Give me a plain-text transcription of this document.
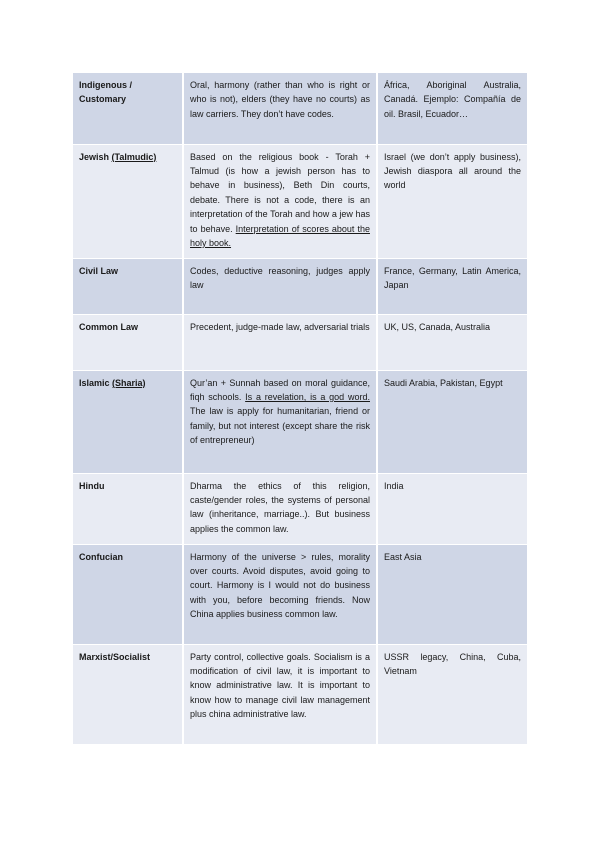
Indigenous / Customary	Oral, harmony (rather than who is right or who is not), elders (they have no courts) as law carriers. They don’t have codes.	África, Aboriginal Australia, Canadá. Ejemplo: Compañía de oil. Brasil, Ecuador…
Jewish (Talmudic)	Based on the religious book - Torah + Talmud (is how a jewish person has to behave in business), Beth Din courts, debate. There is not a code, there is an interpretation of the Torah and how a jew has to behave. Interpretation of scores about the holy book.	Israel (we don’t apply business), Jewish diaspora all around the world
Civil Law	Codes, deductive reasoning, judges apply law	France, Germany, Latin America, Japan
Common Law	Precedent, judge-made law, adversarial trials	UK, US, Canada, Australia
Islamic (Sharia)	Qur’an + Sunnah based on moral guidance, fiqh schools. Is a revelation, is a god word. The law is apply for humanitarian, friend or family, but not interest (except share the risk of entrepreneur)	Saudi Arabia, Pakistan, Egypt
Hindu	Dharma the ethics of this religion, caste/gender roles, the systems of personal law (inheritance, marriage..). But business applies the common law.	India
Confucian	Harmony of the universe > rules, morality over courts. Avoid disputes, avoid going to court. Harmony is I would not do business with you, before becoming friends. Now China applies business common law.	East Asia
Marxist/Socialist	Party control, collective goals. Socialism is a modification of civil law, it is important to know administrative law. It is important to know how to manage civil law management plus china administrative law.	USSR legacy, China, Cuba, Vietnam
